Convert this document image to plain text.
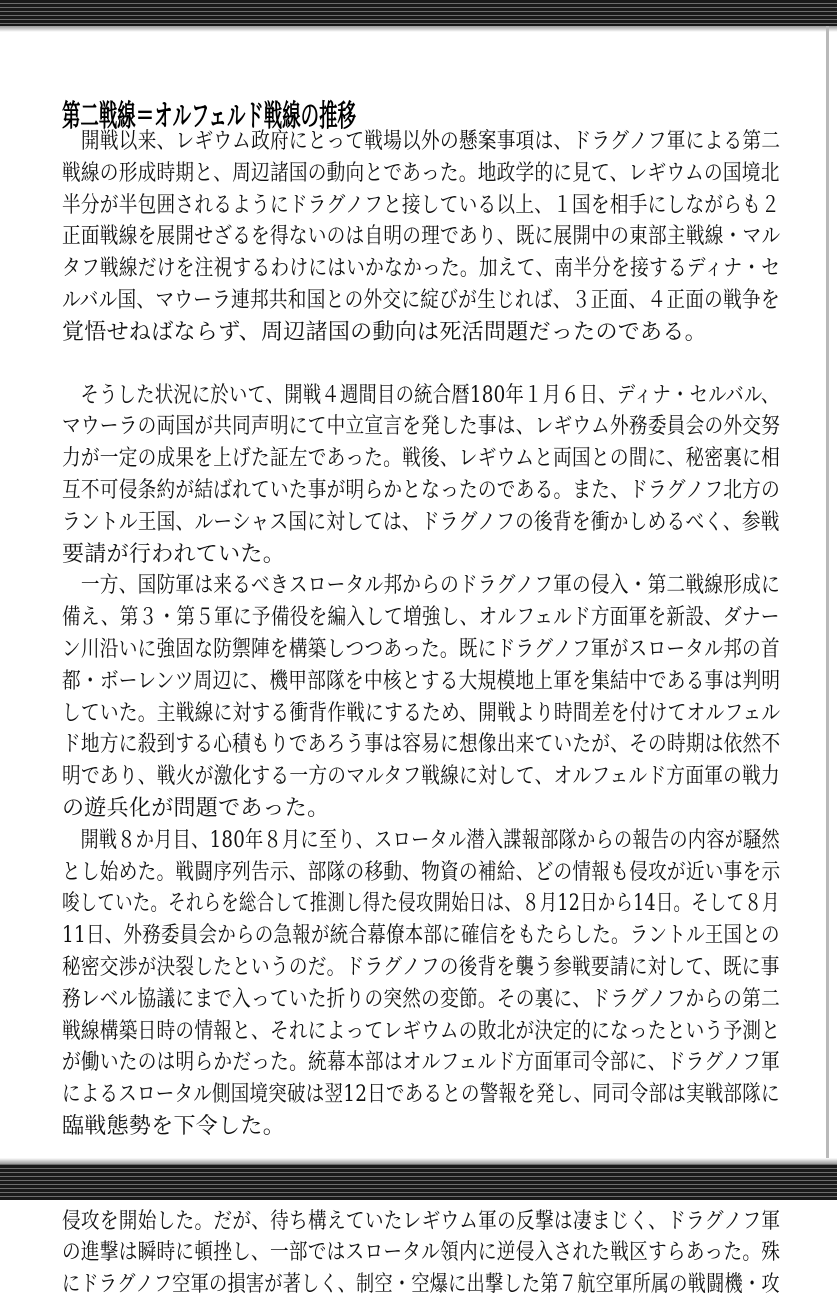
第二戦線＝オルフェルド戦線の推移

　開戦以来、レギウム政府にとって戦場以外の懸案事項は、ドラグノフ軍による第二

戦線の形成時期と、周辺諸国の動向とであった。地政学的に見て、レギウムの国境北

半分が半包囲されるようにドラグノフと接している以上、１国を相手にしながらも２

正面戦線を展開せざるを得ないのは自明の理であり、既に展開中の東部主戦線・マル

タフ戦線だけを注視するわけにはいかなかった。加えて、南半分を接するディナ・セ

ルバル国、マウーラ連邦共和国との外交に綻びが生じれば、３正面、４正面の戦争を

覚悟せねばならず、周辺諸国の動向は死活問題だったのである。

　そうした状況に於いて、開戦４週間目の統合暦180年１月６日、ディナ・セルバル、

マウーラの両国が共同声明にて中立宣言を発した事は、レギウム外務委員会の外交努

力が一定の成果を上げた証左であった。戦後、レギウムと両国との間に、秘密裏に相

互不可侵条約が結ばれていた事が明らかとなったのである。また、ドラグノフ北方の

ラントル王国、ルーシャス国に対しては、ドラグノフの後背を衝かしめるべく、参戦

要請が行われていた。

　一方、国防軍は来るべきスロータル邦からのドラグノフ軍の侵入・第二戦線形成に

備え、第３・第５軍に予備役を編入して増強し、オルフェルド方面軍を新設、ダナー

ン川沿いに強固な防禦陣を構築しつつあった。既にドラグノフ軍がスロータル邦の首

都・ボーレンツ周辺に、機甲部隊を中核とする大規模地上軍を集結中である事は判明

していた。主戦線に対する衝背作戦にするため、開戦より時間差を付けてオルフェル

ド地方に殺到する心積もりであろう事は容易に想像出来ていたが、その時期は依然不

明であり、戦火が激化する一方のマルタフ戦線に対して、オルフェルド方面軍の戦力

の遊兵化が問題であった。

　開戦８か月目、180年８月に至り、スロータル潜入諜報部隊からの報告の内容が騒然

とし始めた。戦闘序列告示、部隊の移動、物資の補給、どの情報も侵攻が近い事を示

唆していた。それらを総合して推測し得た侵攻開始日は、８月12日から14日。そして８月

11日、外務委員会からの急報が統合幕僚本部に確信をもたらした。ラントル王国との

秘密交渉が決裂したというのだ。ドラグノフの後背を襲う参戦要請に対して、既に事

務レベル協議にまで入っていた折りの突然の変節。その裏に、ドラグノフからの第二

戦線構築日時の情報と、それによってレギウムの敗北が決定的になったという予測と

が働いたのは明らかだった。統幕本部はオルフェルド方面軍司令部に、ドラグノフ軍

によるスロータル側国境突破は翌12日であるとの警報を発し、同司令部は実戦部隊に

臨戦態勢を下令した。

侵攻を開始した。だが、待ち構えていたレギウム軍の反撃は凄まじく、ドラグノフ軍

の進撃は瞬時に頓挫し、一部ではスロータル領内に逆侵入された戦区すらあった。殊

にドラグノフ空軍の損害が著しく、制空・空爆に出撃した第７航空軍所属の戦闘機・攻
